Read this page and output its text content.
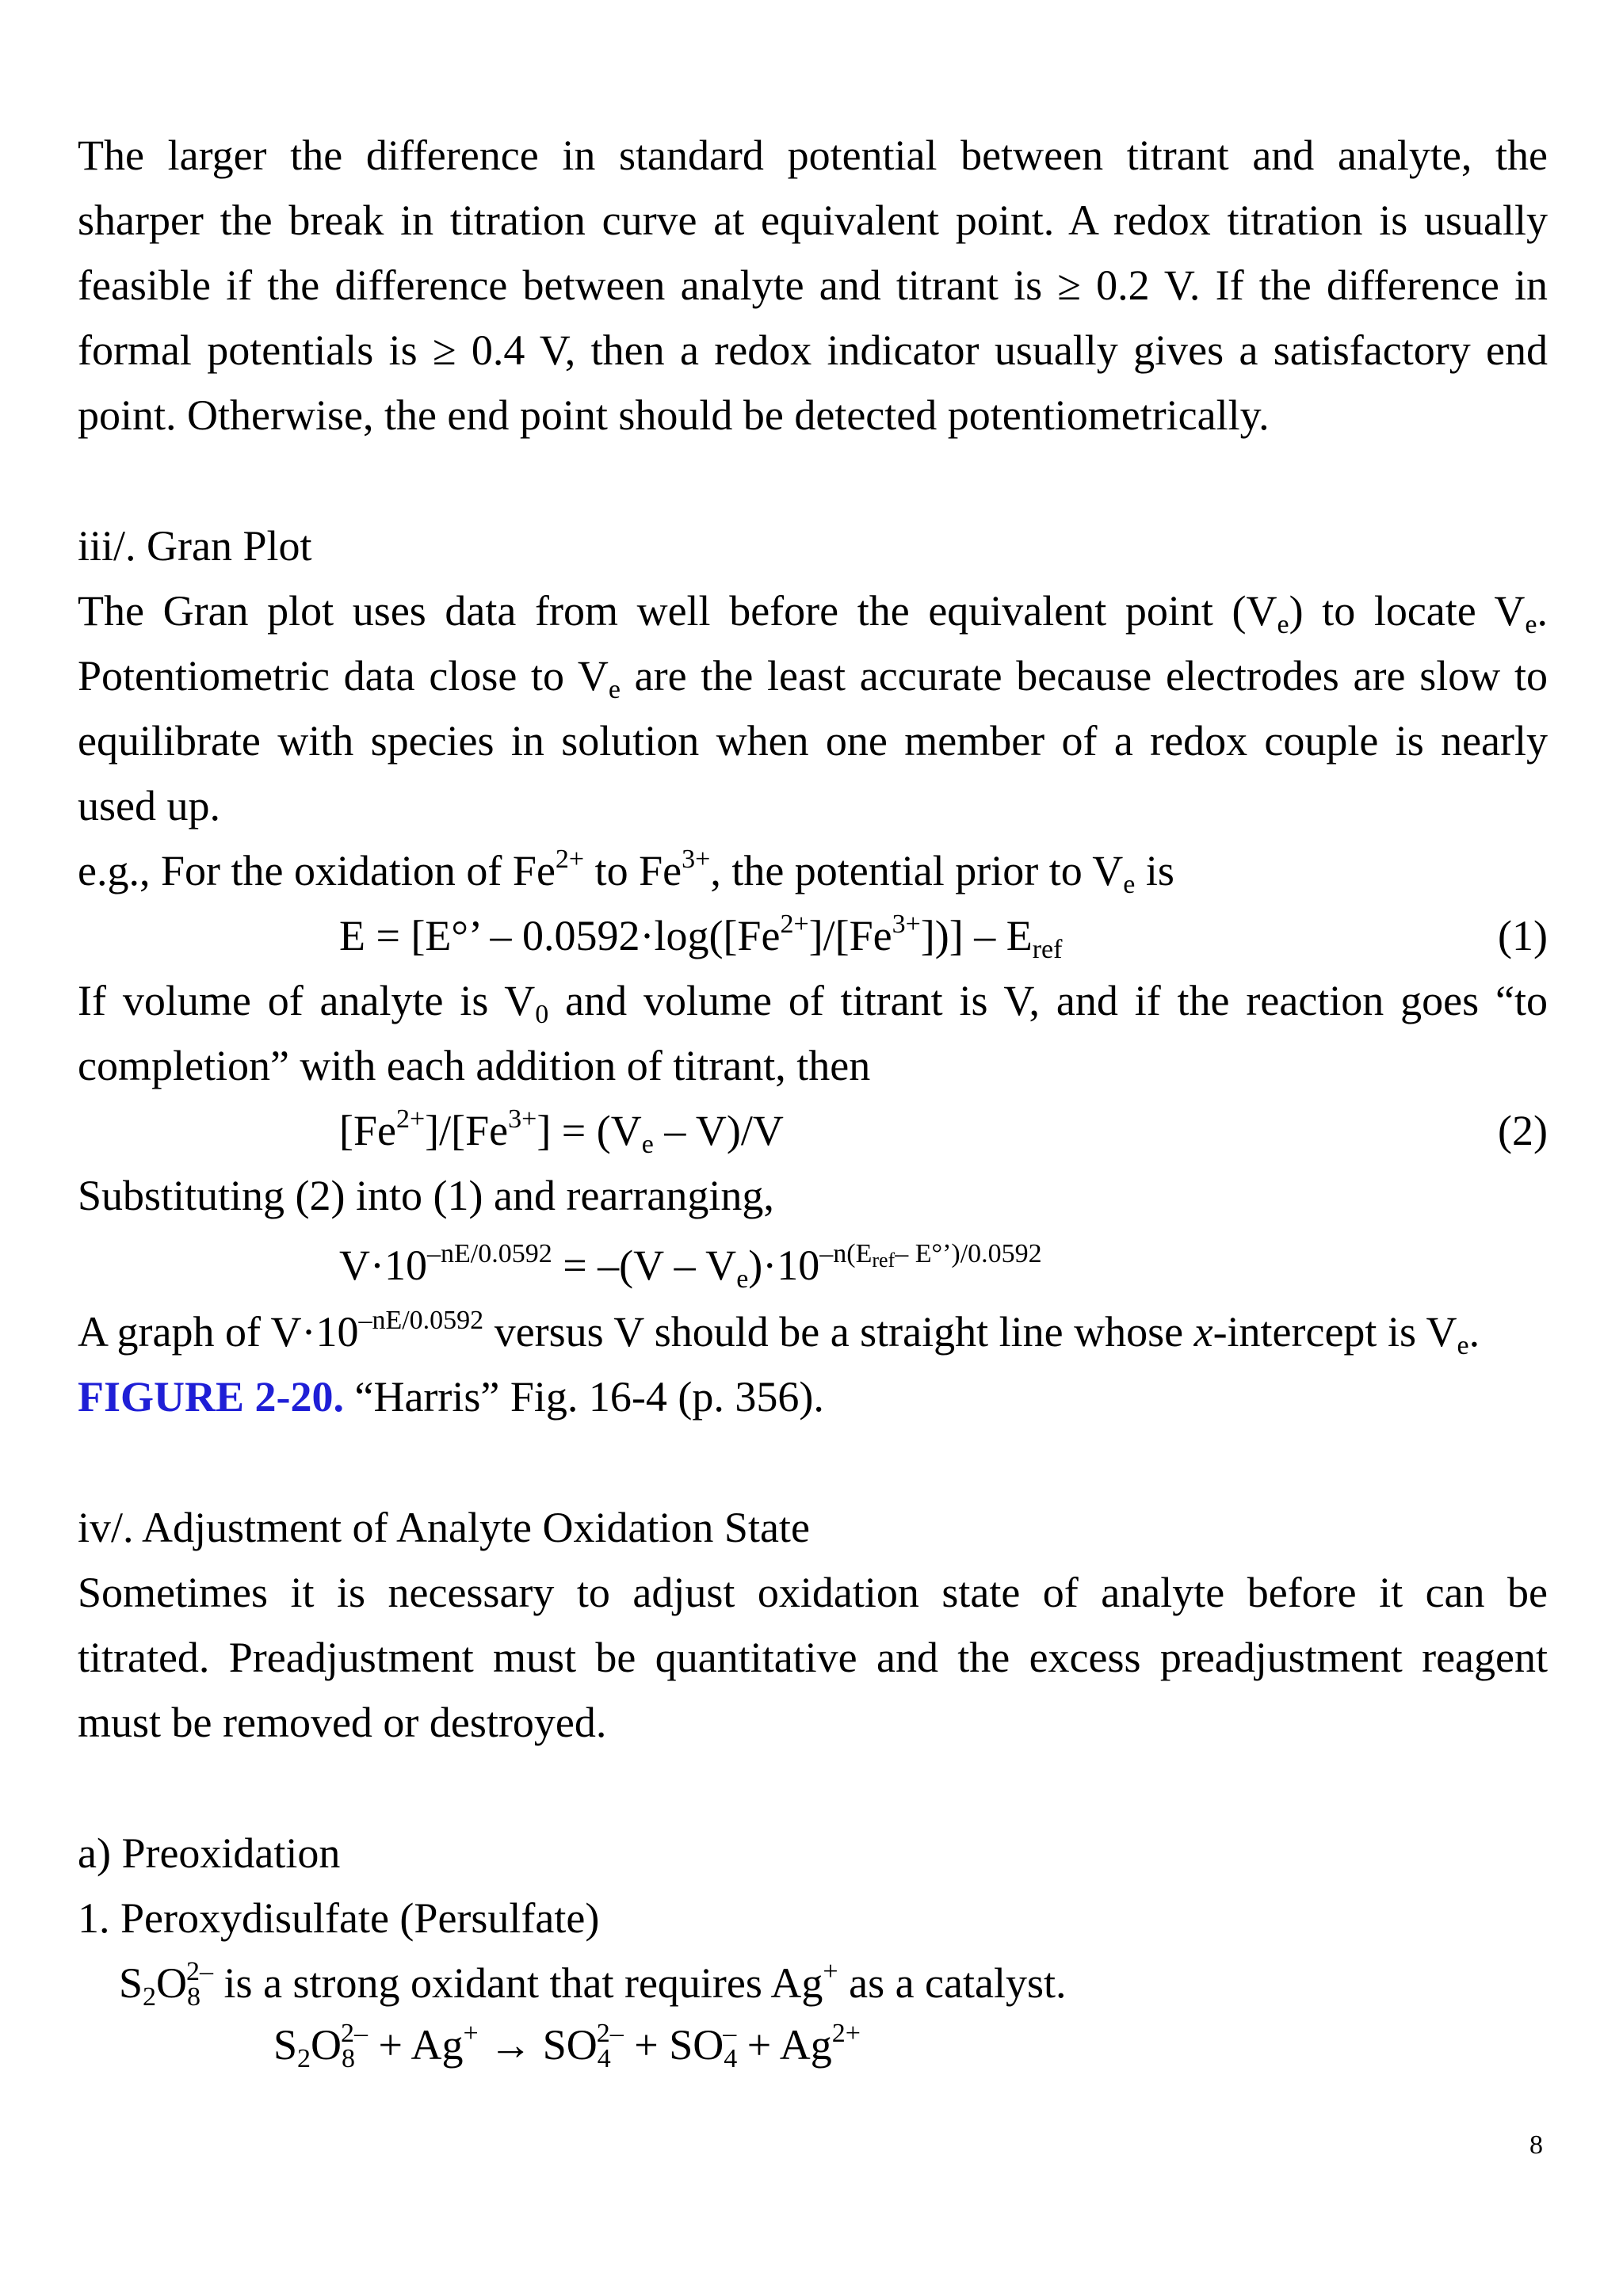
The larger the difference in standard potential between titrant and analyte, the
sharper the break in titration curve at equivalent point. A redox titration is usually
feasible if the difference between analyte and titrant is ≥ 0.2 V. If the difference in
formal potentials is ≥ 0.4 V, then a redox indicator usually gives a satisfactory end
point. Otherwise, the end point should be detected potentiometrically.
iii/. Gran Plot
The Gran plot uses data from well before the equivalent point $(V_e)$ to locate $V_e$.
Potentiometric data close to $V_e$ are the least accurate because electrodes are slow to
equilibrate with species in solution when one member of a redox couple is nearly
used up.
e.g., For the oxidation of $Fe^{2+}$ to $Fe^{3+}$, the potential prior to $V_e$ is
E = [E°’ – $0.0592\cdot\log([Fe^{2+}]/[Fe^{3+}])] - E_{ref}$	(1)
If volume of analyte is $V_0$ and volume of titrant is V, and if the reaction goes “to
completion” with each addition of titrant, then
$[Fe^{2+}]/[Fe^{3+}] = (V_e - V)/V$	(2)
Substituting (2) into (1) and rearranging,
$V\cdot 10^{-nE/0.0592} = -(V - V_e)\cdot 10^{-n(E_{ref}- E^\circ’)/0.0592}$
A graph of $V\cdot 10^{-nE/0.0592}$ versus V should be a straight line whose x-intercept is $V_e$.
FIGURE 2-20. “Harris” Fig. 16-4 (p. 356).
iv/. Adjustment of Analyte Oxidation State
Sometimes it is necessary to adjust oxidation state of analyte before it can be
titrated. Preadjustment must be quantitative and the excess preadjustment reagent
must be removed or destroyed.
a) Preoxidation
1. Peroxydisulfate (Persulfate)
$S_2O_8^{2-}$ is a strong oxidant that requires Ag+ as a catalyst.
$S_2O_8^{2-} + Ag^+ \to SO_4^{2-} + SO_4^- + Ag^{2+}$
8
